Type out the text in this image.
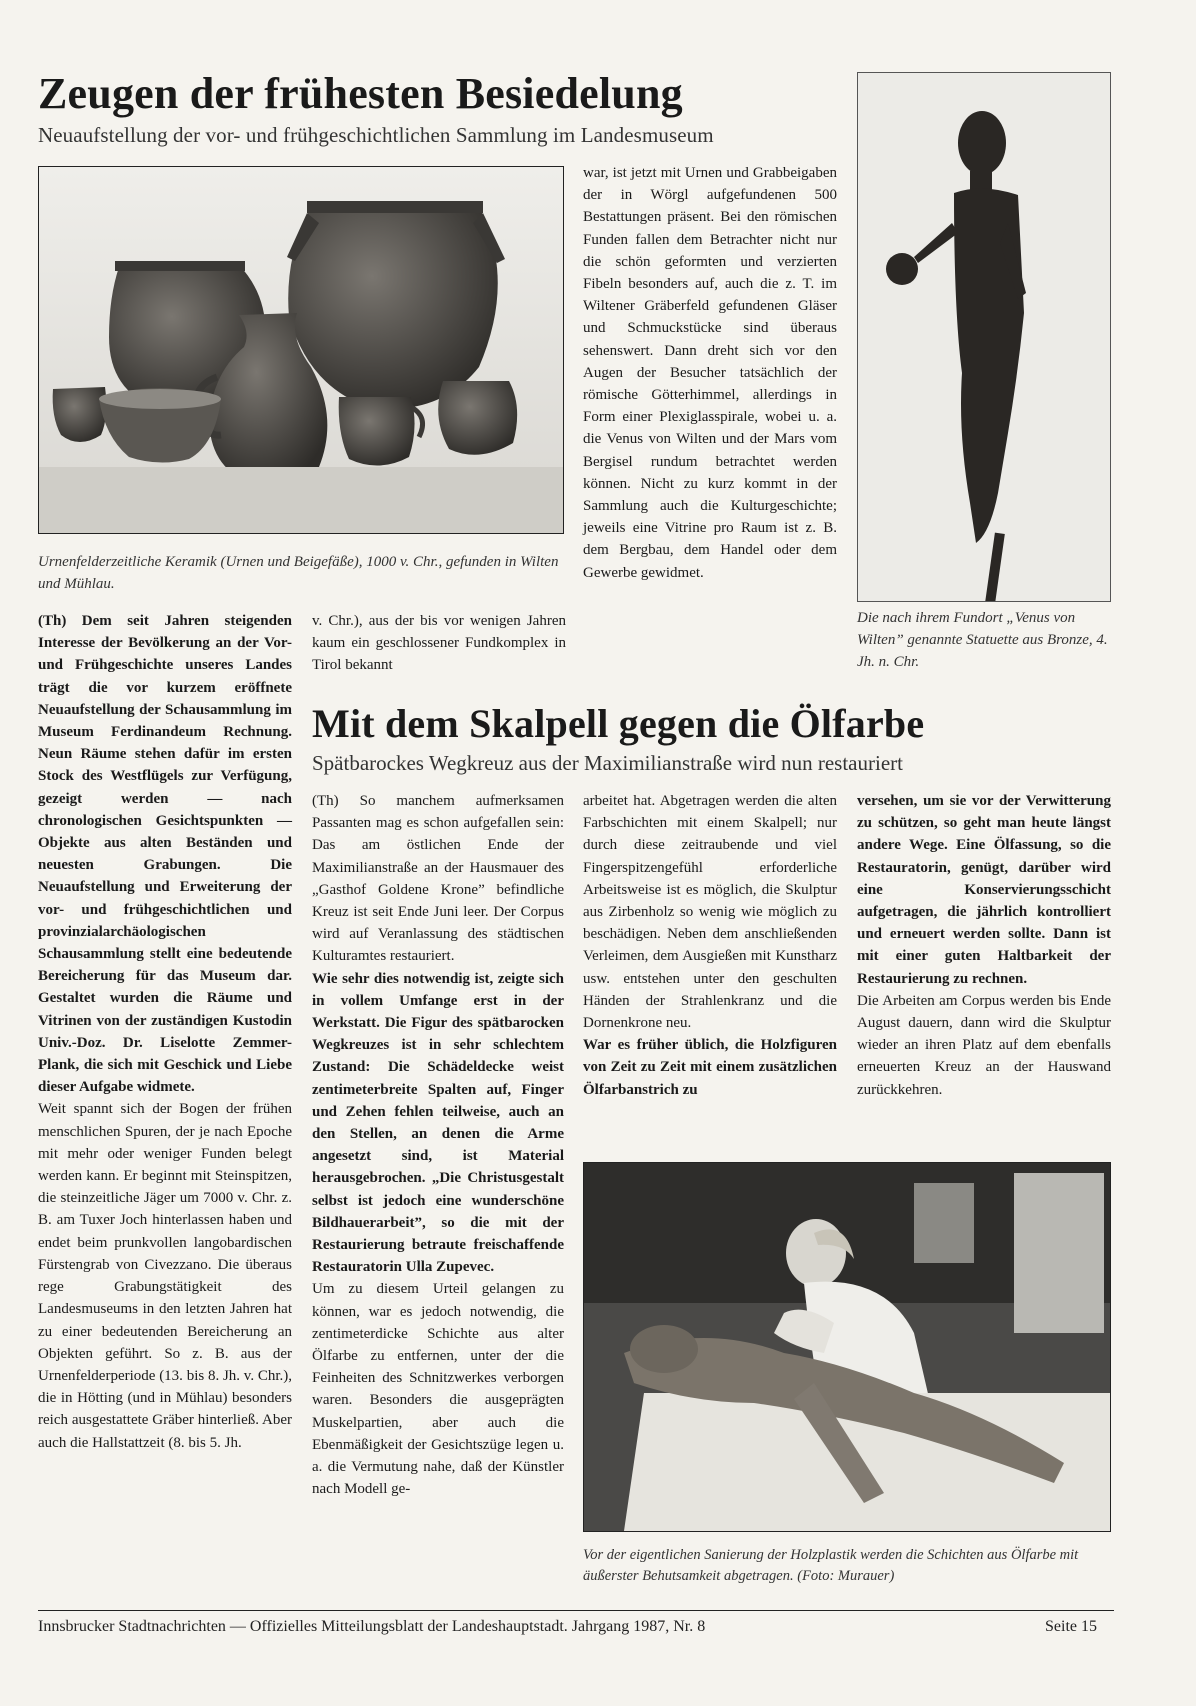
Zeugen der frühesten Besiedelung
Neuaufstellung der vor- und frühgeschichtlichen Sammlung im Landesmuseum
Urnenfelderzeitliche Keramik (Urnen und Beigefäße), 1000 v. Chr., gefunden in Wilten und Mühlau.
Die nach ihrem Fundort „Venus von Wilten” genannte Statuette aus Bronze, 4. Jh. n. Chr.

(Th) Dem seit Jahren steigenden Interesse der Bevölkerung an der Vor- und Frühgeschichte unseres Landes trägt die vor kurzem eröffnete Neuaufstellung der Schausammlung im Museum Ferdinandeum Rechnung. Neun Räume stehen dafür im ersten Stock des Westflügels zur Verfügung, gezeigt werden — nach chronologischen Gesichtspunkten — Objekte aus alten Beständen und neuesten Grabungen. Die Neuaufstellung und Erweiterung der vor- und frühgeschichtlichen und provinzialarchäologischen Schausammlung stellt eine bedeutende Bereicherung für das Museum dar. Gestaltet wurden die Räume und Vitrinen von der zuständigen Kustodin Univ.-Doz. Dr. Liselotte Zemmer-Plank, die sich mit Geschick und Liebe dieser Aufgabe widmete.

Weit spannt sich der Bogen der frühen menschlichen Spuren, der je nach Epoche mit mehr oder weniger Funden belegt werden kann. Er beginnt mit Steinspitzen, die steinzeitliche Jäger um 7000 v. Chr. z. B. am Tuxer Joch hinterlassen haben und endet beim prunkvollen langobardischen Fürstengrab von Civezzano. Die überaus rege Grabungstätigkeit des Landesmuseums in den letzten Jahren hat zu einer bedeutenden Bereicherung an Objekten geführt. So z. B. aus der Urnenfelderperiode (13. bis 8. Jh. v. Chr.), die in Hötting (und in Mühlau) besonders reich ausgestattete Gräber hinterließ. Aber auch die Hallstattzeit (8. bis 5. Jh.

v. Chr.), aus der bis vor wenigen Jahren kaum ein geschlossener Fundkomplex in Tirol bekannt

war, ist jetzt mit Urnen und Grabbeigaben der in Wörgl aufgefundenen 500 Bestattungen präsent. Bei den römischen Funden fallen dem Betrachter nicht nur die schön geformten und verzierten Fibeln besonders auf, auch die z. T. im Wiltener Gräberfeld gefundenen Gläser und Schmuckstücke sind überaus sehenswert. Dann dreht sich vor den Augen der Besucher tatsächlich der römische Götterhimmel, allerdings in Form einer Plexiglasspirale, wobei u. a. die Venus von Wilten und der Mars vom Bergisel rundum betrachtet werden können. Nicht zu kurz kommt in der Sammlung auch die Kulturgeschichte; jeweils eine Vitrine pro Raum ist z. B. dem Bergbau, dem Handel oder dem Gewerbe gewidmet.

Mit dem Skalpell gegen die Ölfarbe
Spätbarockes Wegkreuz aus der Maximilianstraße wird nun restauriert

(Th) So manchem aufmerksamen Passanten mag es schon aufgefallen sein: Das am östlichen Ende der Maximilianstraße an der Hausmauer des „Gasthof Goldene Krone” befindliche Kreuz ist seit Ende Juni leer. Der Corpus wird auf Veranlassung des städtischen Kulturamtes restauriert.

Wie sehr dies notwendig ist, zeigte sich in vollem Umfange erst in der Werkstatt. Die Figur des spätbarocken Wegkreuzes ist in sehr schlechtem Zustand: Die Schädeldecke weist zentimeterbreite Spalten auf, Finger und Zehen fehlen teilweise, auch an den Stellen, an denen die Arme angesetzt sind, ist Material herausgebrochen. „Die Christusgestalt selbst ist jedoch eine wunderschöne Bildhauerarbeit”, so die mit der Restaurierung betraute freischaffende Restauratorin Ulla Zupevec.

Um zu diesem Urteil gelangen zu können, war es jedoch notwendig, die zentimeterdicke Schichte aus alter Ölfarbe zu entfernen, unter der die Feinheiten des Schnitzwerkes verborgen waren. Besonders die ausgeprägten Muskelpartien, aber auch die Ebenmäßigkeit der Gesichtszüge legen u. a. die Vermutung nahe, daß der Künstler nach Modell ge-

arbeitet hat. Abgetragen werden die alten Farbschichten mit einem Skalpell; nur durch diese zeitraubende und viel Fingerspitzengefühl erforderliche Arbeitsweise ist es möglich, die Skulptur aus Zirbenholz so wenig wie möglich zu beschädigen. Neben dem anschließenden Verleimen, dem Ausgießen mit Kunstharz usw. entstehen unter den geschulten Händen der Strahlenkranz und die Dornenkrone neu.

War es früher üblich, die Holzfiguren von Zeit zu Zeit mit einem zusätzlichen Ölfarbanstrich zu

versehen, um sie vor der Verwitterung zu schützen, so geht man heute längst andere Wege. Eine Ölfassung, so die Restauratorin, genügt, darüber wird eine Konservierungsschicht aufgetragen, die jährlich kontrolliert und erneuert werden sollte. Dann ist mit einer guten Haltbarkeit der Restaurierung zu rechnen.

Die Arbeiten am Corpus werden bis Ende August dauern, dann wird die Skulptur wieder an ihren Platz auf dem ebenfalls erneuerten Kreuz an der Hauswand zurückkehren.

Vor der eigentlichen Sanierung der Holzplastik werden die Schichten aus Ölfarbe mit äußerster Behutsamkeit abgetragen. (Foto: Murauer)
Innsbrucker Stadtnachrichten — Offizielles Mitteilungsblatt der Landeshauptstadt. Jahrgang 1987, Nr. 8	Seite 15
